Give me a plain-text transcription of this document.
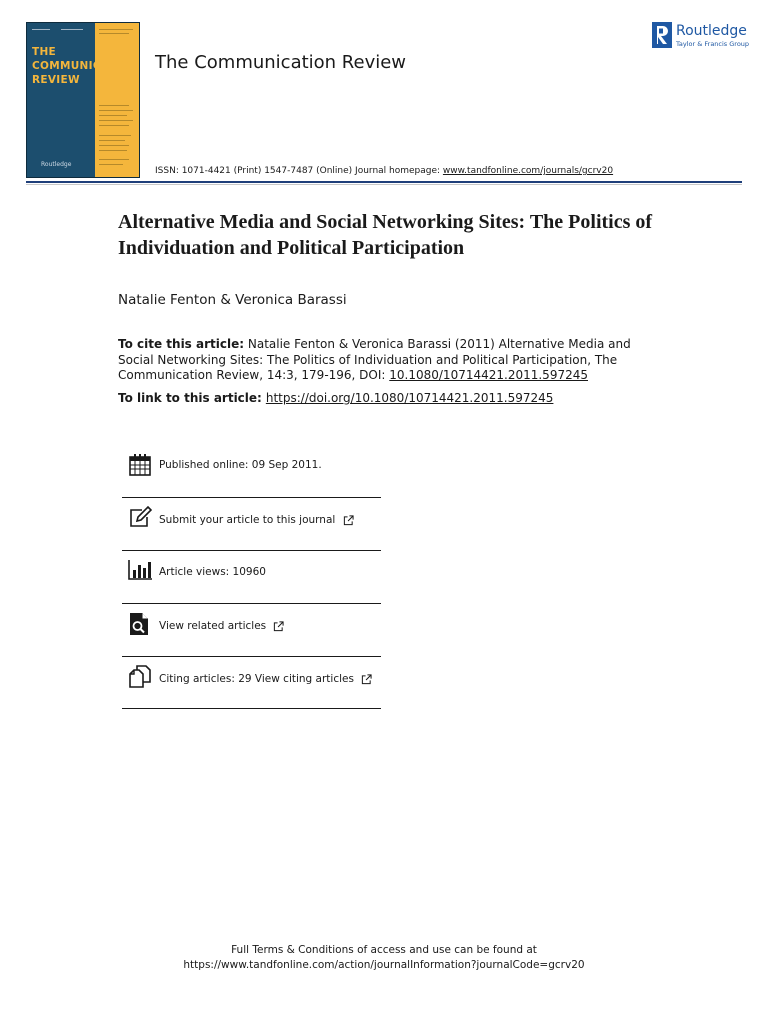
THE
COMMUNICATION
REVIEW
Routledge
The Communication Review
Routledge
Taylor & Francis Group
ISSN: 1071-4421 (Print) 1547-7487 (Online) Journal homepage: www.tandfonline.com/journals/gcrv20
Alternative Media and Social Networking Sites: The Politics of Individuation and Political Participation
Natalie Fenton & Veronica Barassi
To cite this article: Natalie Fenton & Veronica Barassi (2011) Alternative Media and Social Networking Sites: The Politics of Individuation and Political Participation, The Communication Review, 14:3, 179-196, DOI: 10.1080/10714421.2011.597245
To link to this article: https://doi.org/10.1080/10714421.2011.597245
Published online: 09 Sep 2011.
Submit your article to this journal
Article views: 10960
View related articles
Citing articles: 29 View citing articles
Full Terms & Conditions of access and use can be found at
https://www.tandfonline.com/action/journalInformation?journalCode=gcrv20
